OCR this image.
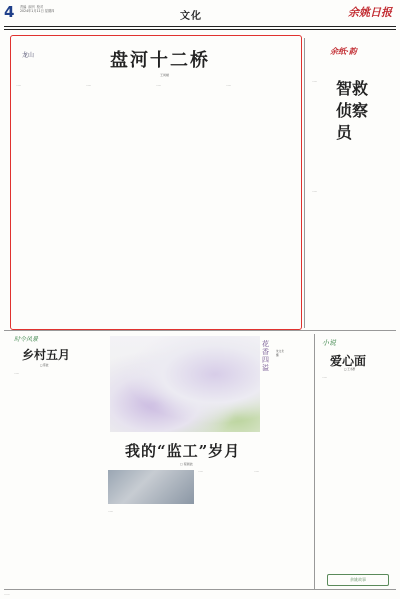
4 责编 ​ 副刊 ​ 校对
2024年1月11日 星期四	文化	余姚日报
龙山	盘河十二桥
王尚楷
……	……	……	……
余纸·韵
……	智救侦察员
……
时令风景
乡村五月
□ 陈波
……
花香四溢
朱文龙 摄
我的“监工”岁月
□ 程晨波
……	……
……
小说
爱心面
□ 王书群
……
余姚故事
……
